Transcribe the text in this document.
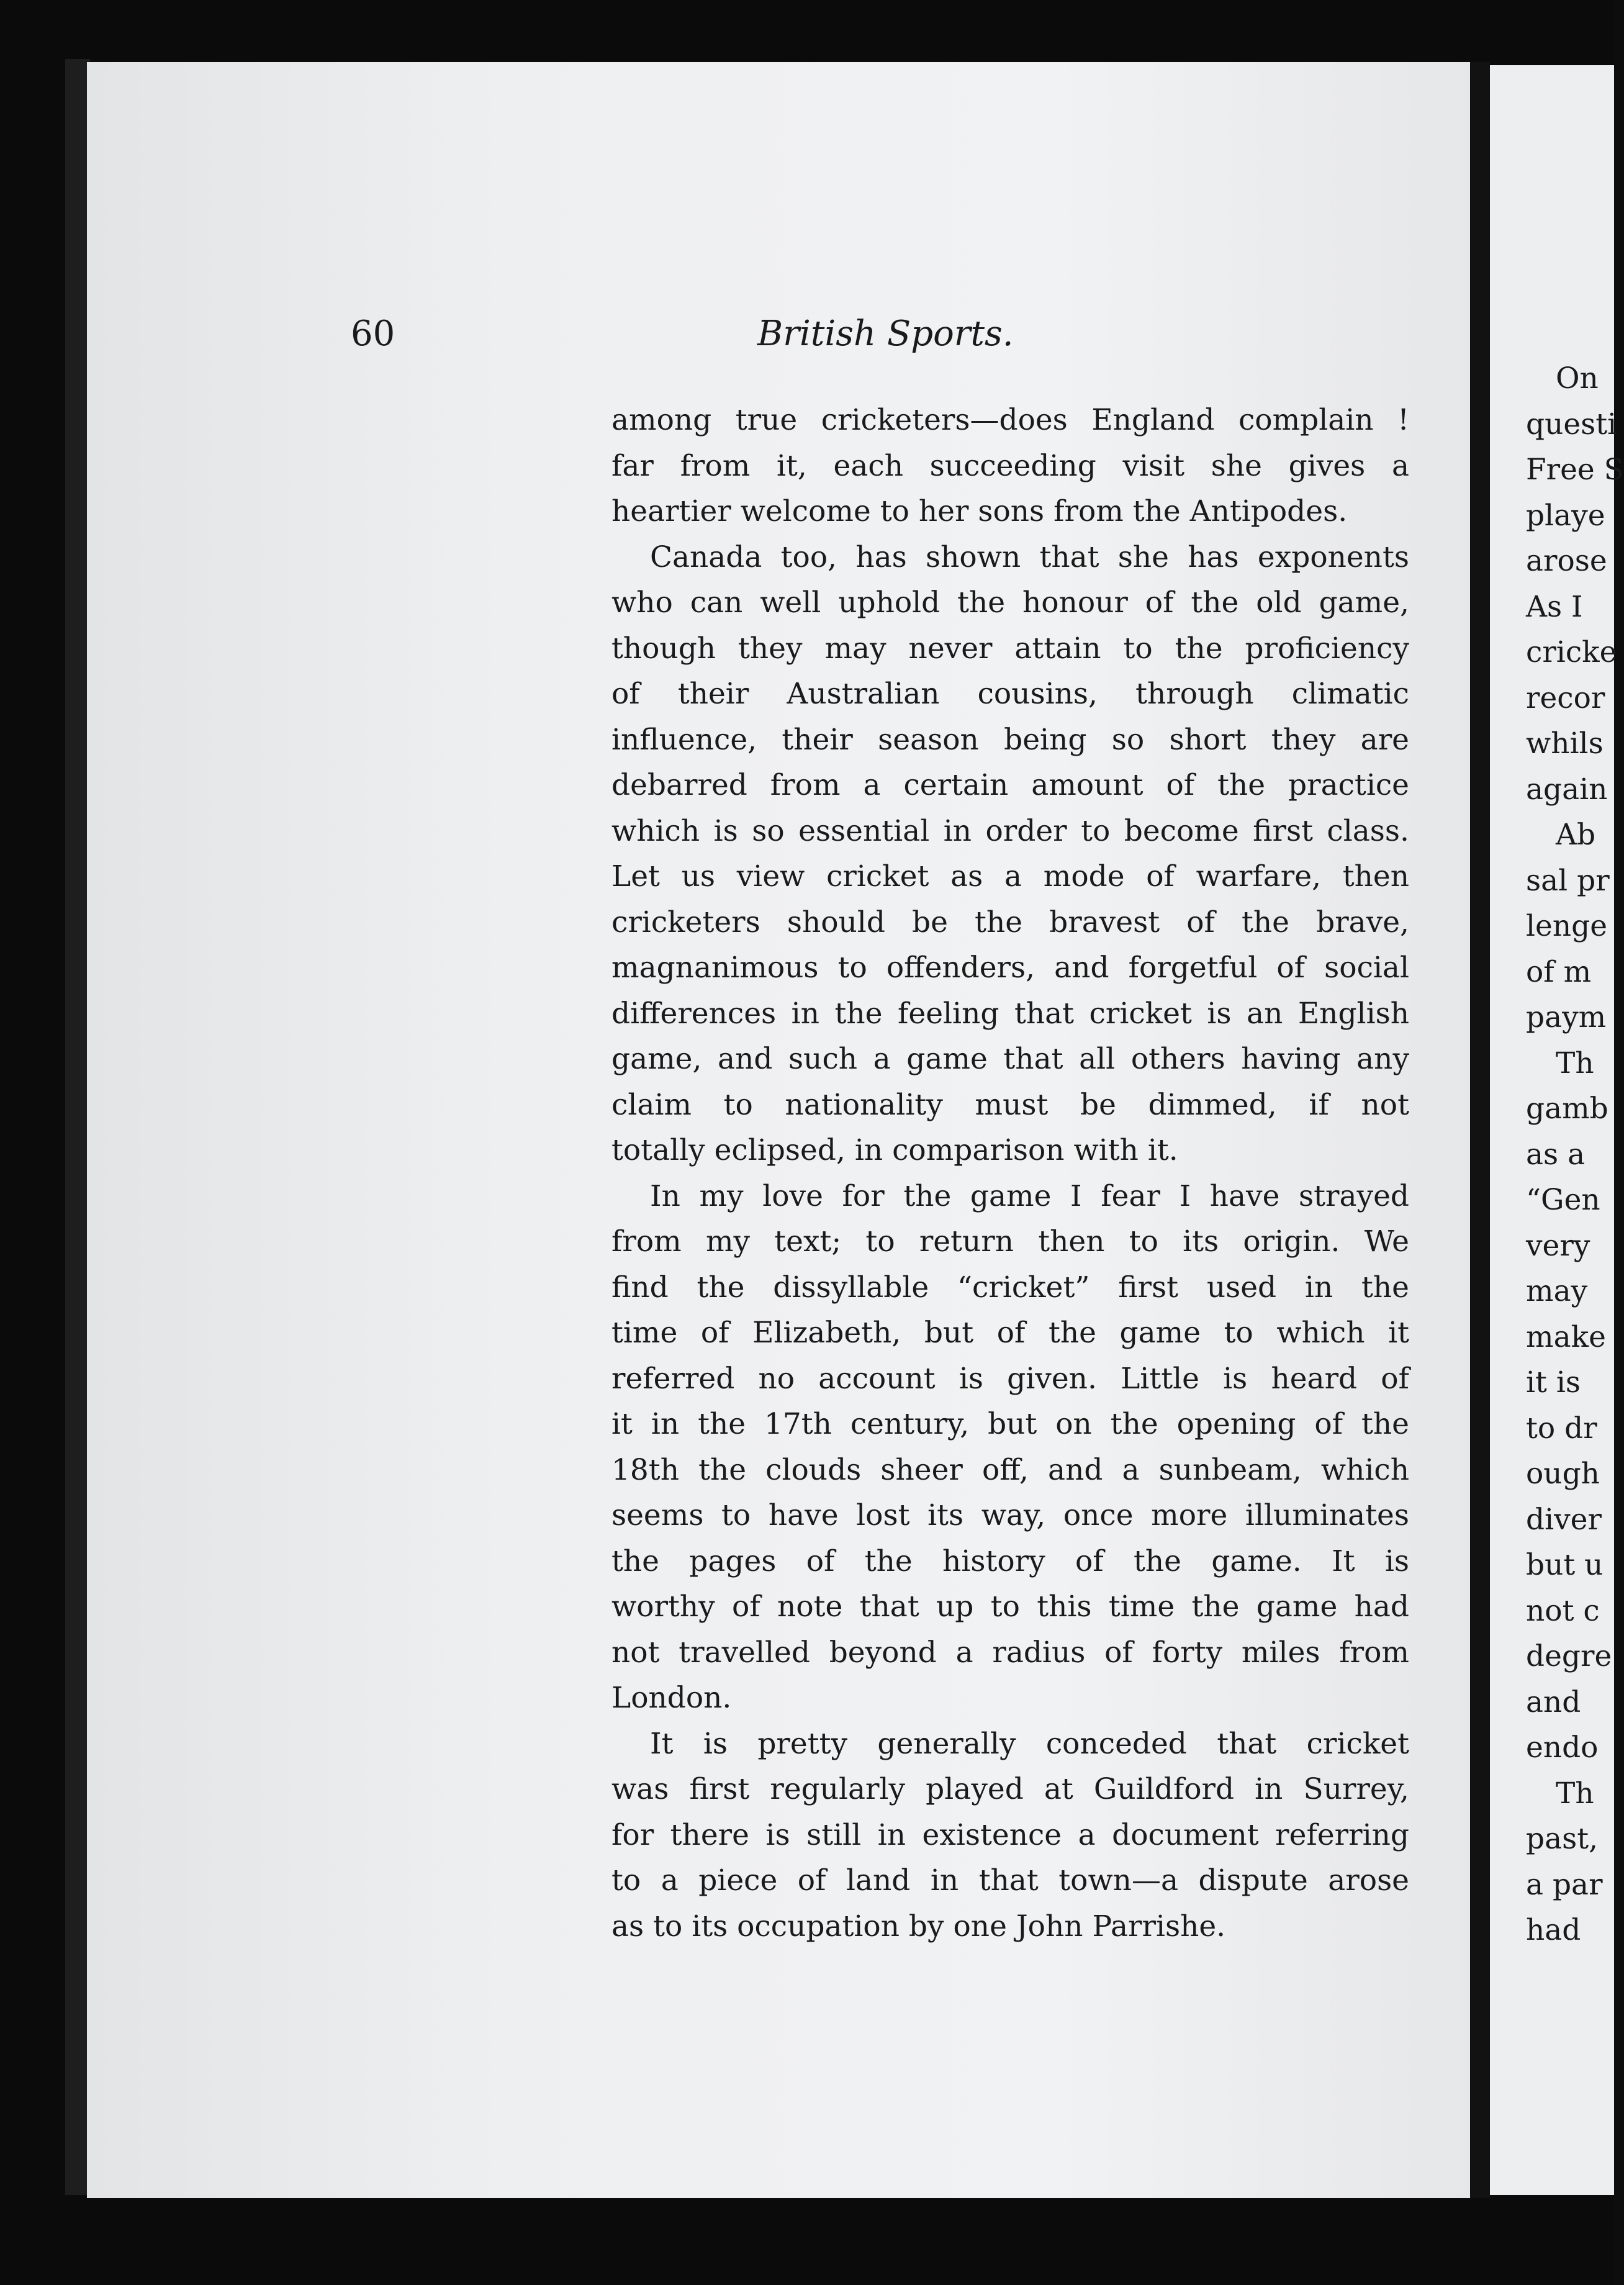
On
questi
Free S
playe
arose
As I
cricke
recor
whils
again
Ab
sal pr
lenge
of m
paym
Th
gamb
as a
“Gen
very
may
make
it is
to dr
ough
diver
but u
not c
degre
and
endo
Th
past,
a par
had

60	British Sports.

among true cricketers—does England complain !
far from it, each succeeding visit she gives a
heartier welcome to her sons from the Antipodes.
Canada too, has shown that she has exponents
who can well uphold the honour of the old game,
though they may never attain to the proficiency
of their Australian cousins, through climatic
influence, their season being so short they are
debarred from a certain amount of the practice
which is so essential in order to become first class.
Let us view cricket as a mode of warfare, then
cricketers should be the bravest of the brave,
magnanimous to offenders, and forgetful of social
differences in the feeling that cricket is an English
game, and such a game that all others having any
claim to nationality must be dimmed, if not
totally eclipsed, in comparison with it.
In my love for the game I fear I have strayed
from my text; to return then to its origin. We
find the dissyllable “cricket” first used in the
time of Elizabeth, but of the game to which it
referred no account is given. Little is heard of
it in the 17th century, but on the opening of the
18th the clouds sheer off, and a sunbeam, which
seems to have lost its way, once more illuminates
the pages of the history of the game. It is
worthy of note that up to this time the game had
not travelled beyond a radius of forty miles from
London.
It is pretty generally conceded that cricket
was first regularly played at Guildford in Surrey,
for there is still in existence a document referring
to a piece of land in that town—a dispute arose
as to its occupation by one John Parrishe.
